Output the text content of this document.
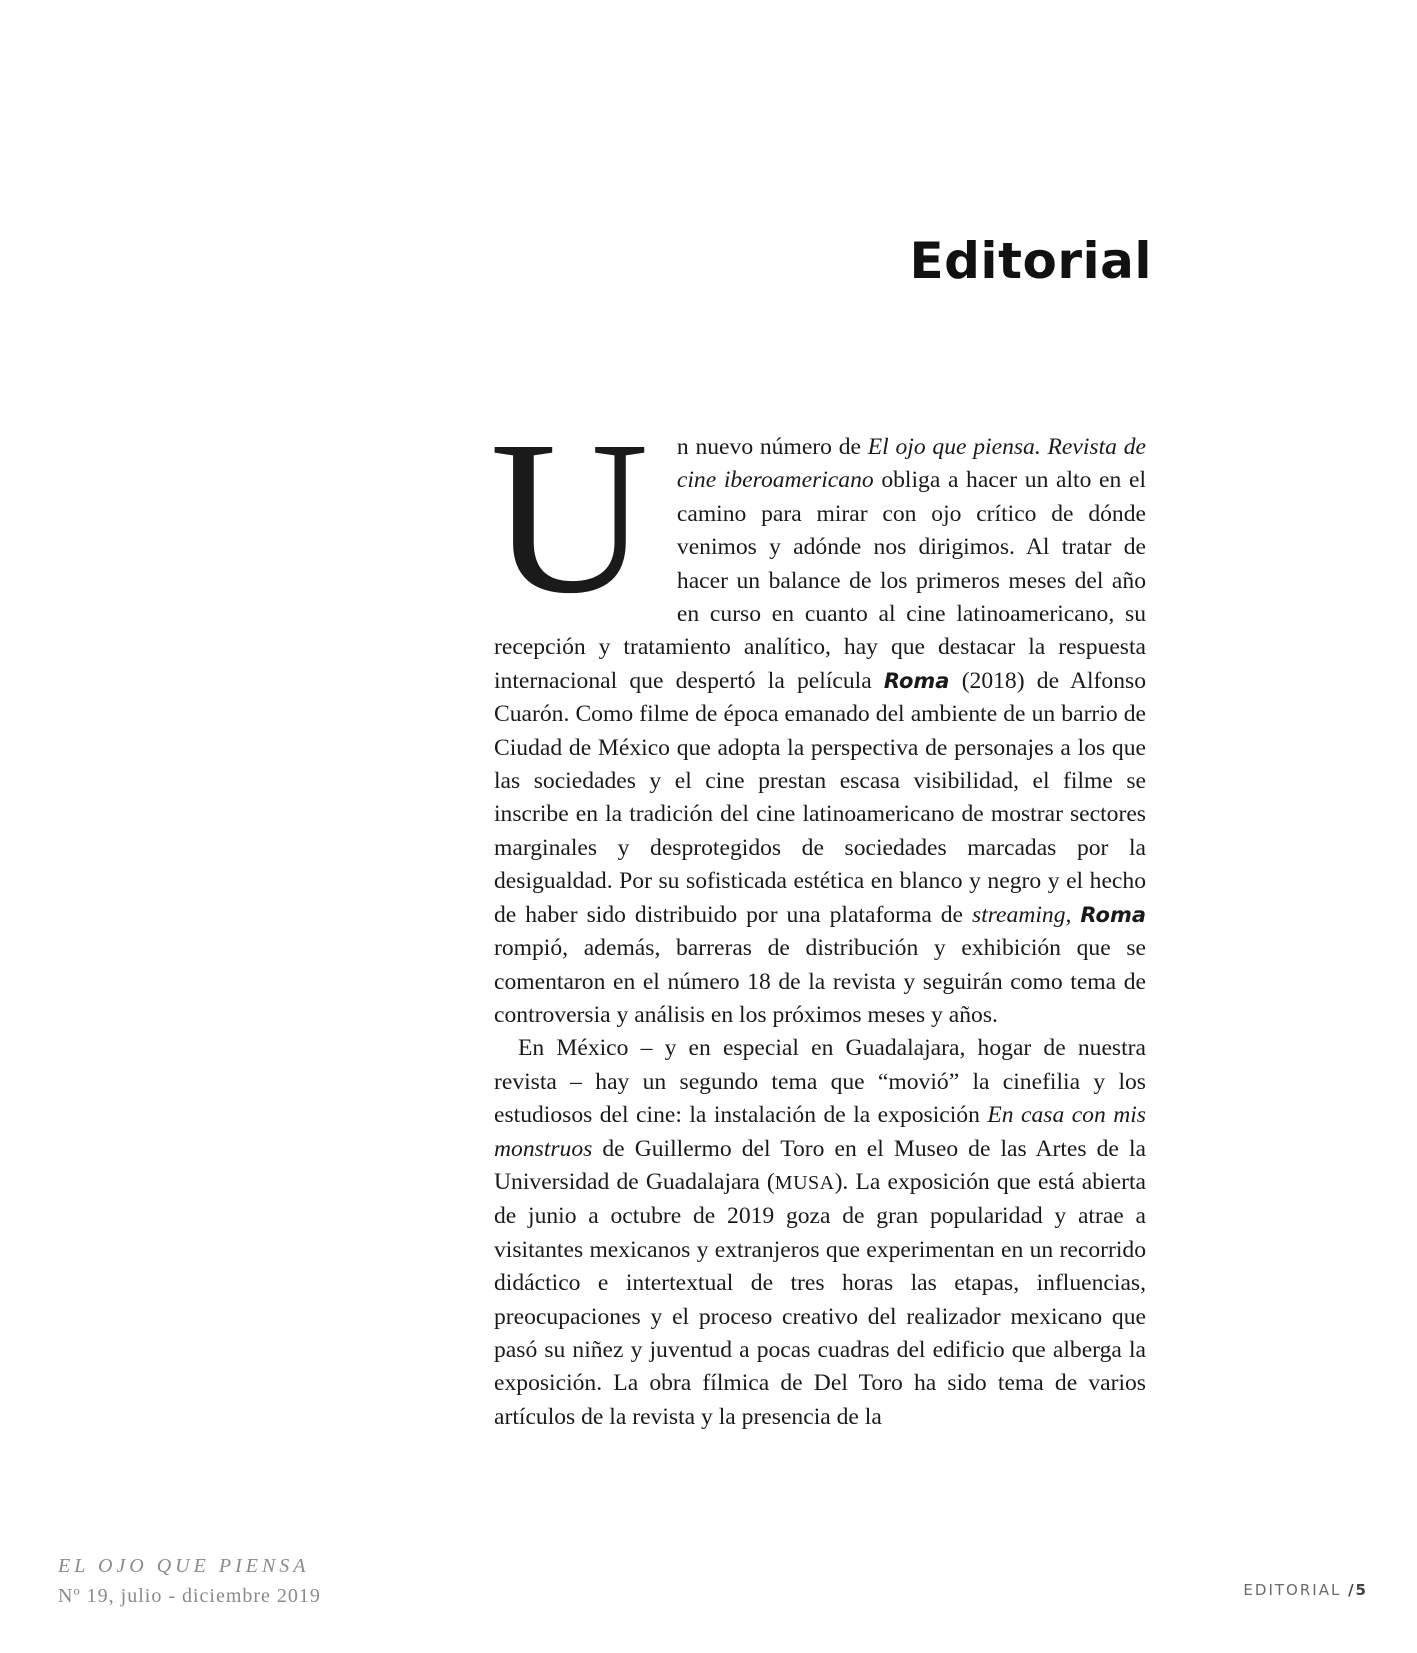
Editorial

U n nuevo número de El ojo que piensa. Revista de cine iberoamericano obliga a hacer un alto en el camino para mirar con ojo crítico de dónde venimos y adónde nos dirigimos. Al tratar de hacer un balance de los primeros meses del año en curso en cuanto al cine latinoamericano, su recepción y tratamiento analítico, hay que destacar la respuesta internacional que despertó la película Roma (2018) de Alfonso Cuarón. Como filme de época emanado del ambiente de un barrio de Ciudad de México que adopta la perspectiva de personajes a los que las sociedades y el cine prestan escasa visibilidad, el filme se inscribe en la tradición del cine latinoamericano de mostrar sectores marginales y desprotegidos de sociedades marcadas por la desigualdad. Por su sofisticada estética en blanco y negro y el hecho de haber sido distribuido por una plataforma de streaming, Roma rompió, además, barreras de distribución y exhibición que se comentaron en el número 18 de la revista y seguirán como tema de controversia y análisis en los próximos meses y años.

En México – y en especial en Guadalajara, hogar de nuestra revista – hay un segundo tema que “movió” la cinefilia y los estudiosos del cine: la instalación de la exposición En casa con mis monstruos de Guillermo del Toro en el Museo de las Artes de la Universidad de Guadalajara (MUSA). La exposición que está abierta de junio a octubre de 2019 goza de gran popularidad y atrae a visitantes mexicanos y extranjeros que experimentan en un recorrido didáctico e intertextual de tres horas las etapas, influencias, preocupaciones y el proceso creativo del realizador mexicano que pasó su niñez y juventud a pocas cuadras del edificio que alberga la exposición. La obra fílmica de Del Toro ha sido tema de varios artículos de la revista y la presencia de la

EL OJO QUE PIENSA
Nº 19, julio - diciembre 2019	EDITORIAL /5
